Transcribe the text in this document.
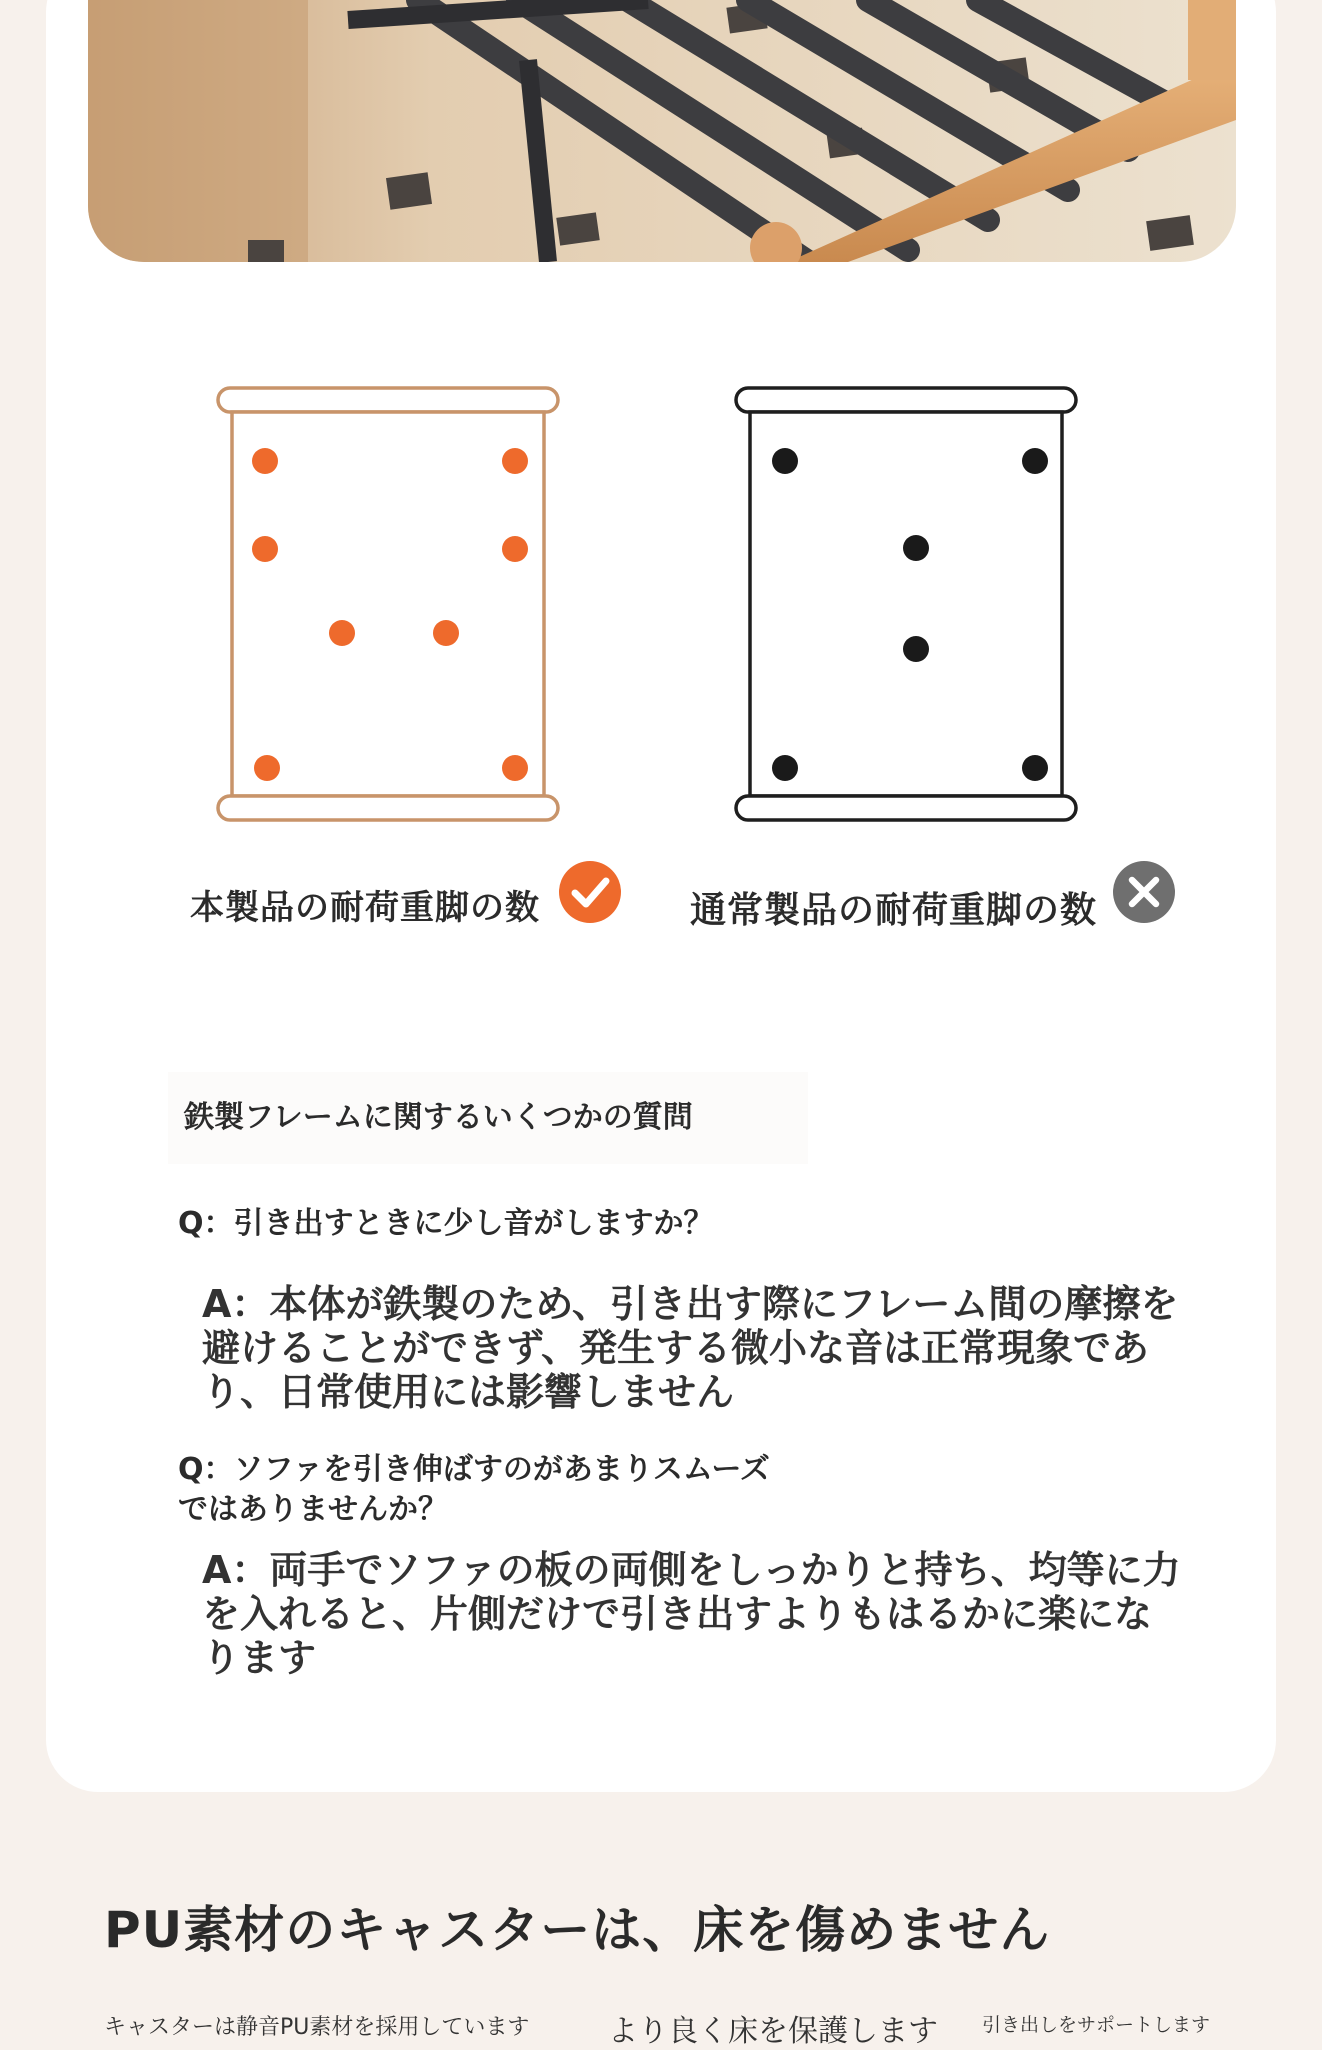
本製品の耐荷重脚の数	通常製品の耐荷重脚の数
鉄製フレームに関するいくつかの質問
Q：引き出すときに少し音がしますか？
A：本体が鉄製のため、引き出す際にフレーム間の摩擦を避けることができず、発生する微小な音は正常現象であり、日常使用には影響しません
Q：ソファを引き伸ばすのがあまりスムーズではありませんか？
A：両手でソファの板の両側をしっかりと持ち、均等に力を入れると、片側だけで引き出すよりもはるかに楽になります
PU素材のキャスターは、床を傷めません
キャスターは静音PU素材を採用しています	より良く床を保護します 引き出しをサポートします
